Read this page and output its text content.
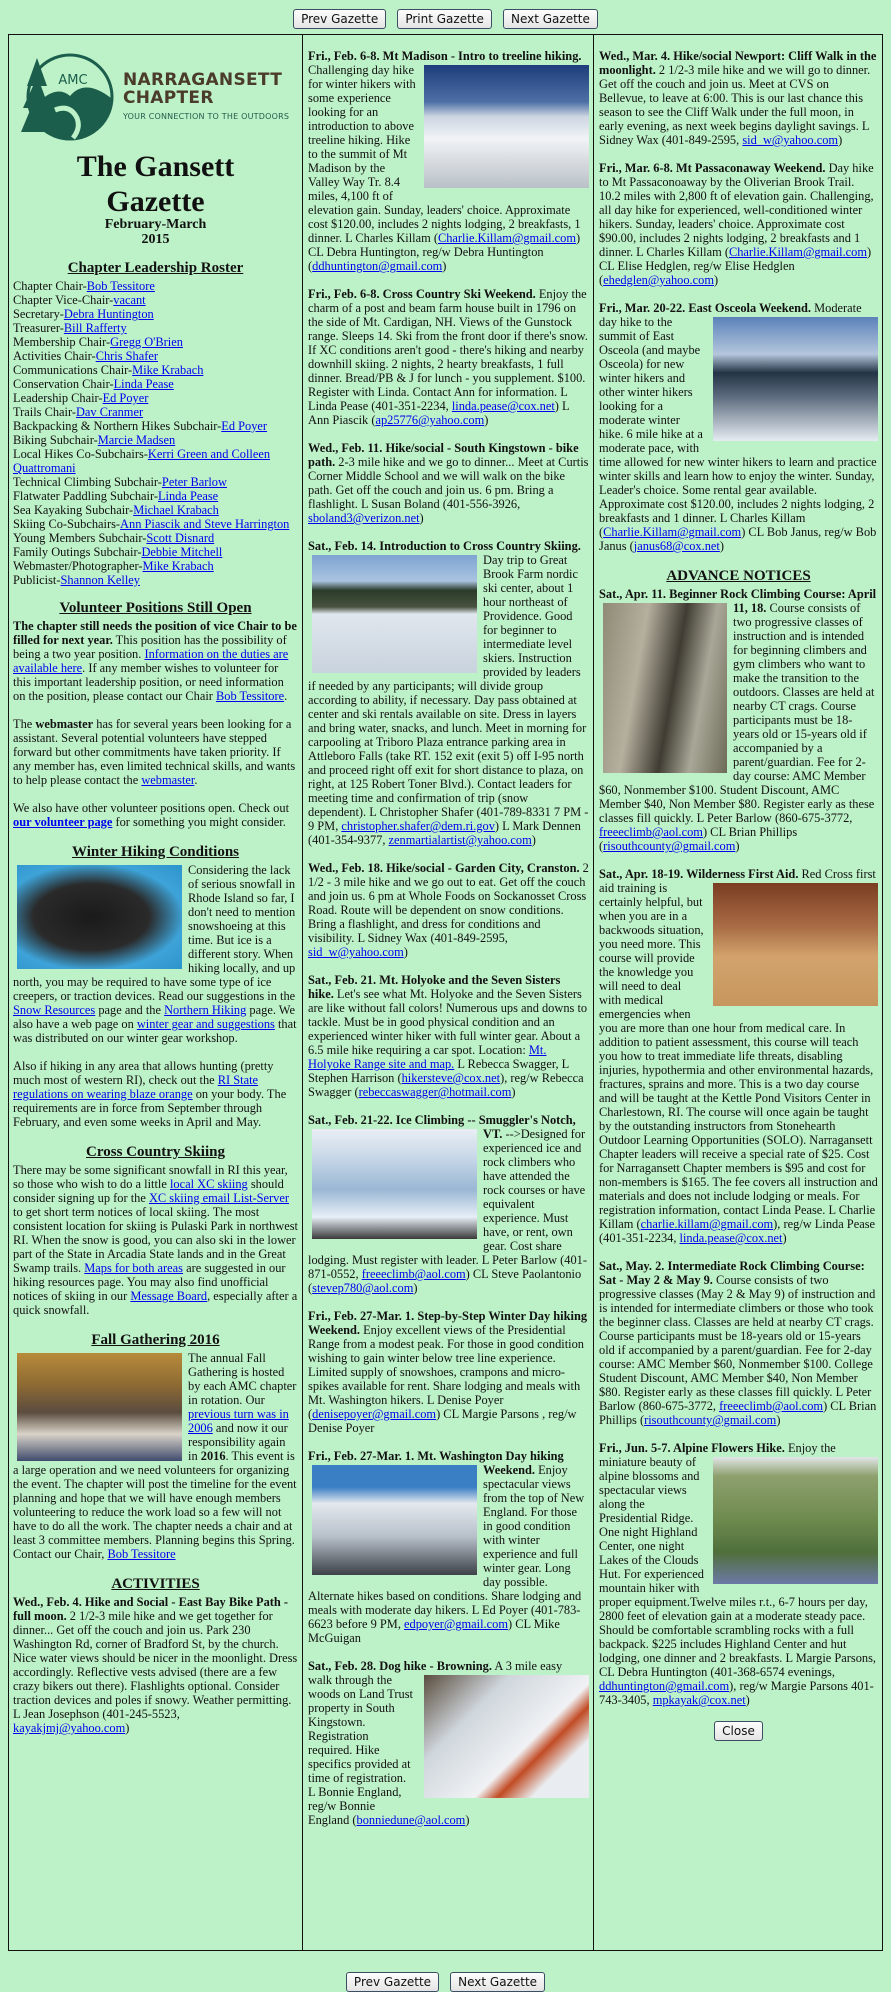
Prev Gazette Print Gazette Next Gazette
AMC NARRAGANSETT
CHAPTER
YOUR CONNECTION TO THE OUTDOORS
The Gansett
Gazette
February-March
2015
Chapter Leadership Roster
Chapter Chair-Bob Tessitore
Chapter Vice-Chair-vacant
Secretary-Debra Huntington
Treasurer-Bill Rafferty
Membership Chair-Gregg O'Brien
Activities Chair-Chris Shafer
Communications Chair-Mike Krabach
Conservation Chair-Linda Pease
Leadership Chair-Ed Poyer
Trails Chair-Dav Cranmer
Backpacking & Northern Hikes Subchair-Ed Poyer
Biking Subchair-Marcie Madsen
Local Hikes Co-Subchairs-Kerri Green and Colleen Quattromani
Technical Climbing Subchair-Peter Barlow
Flatwater Paddling Subchair-Linda Pease
Sea Kayaking Subchair-Michael Krabach
Skiing Co-Subchairs-Ann Piascik and Steve Harrington
Young Members Subchair-Scott Disnard
Family Outings Subchair-Debbie Mitchell
Webmaster/Photographer-Mike Krabach
Publicist-Shannon Kelley
Volunteer Positions Still Open

The chapter still needs the position of vice Chair to be filled for next year. This position has the possibility of being a two year position. Information on the duties are available here. If any member wishes to volunteer for this important leadership position, or need information on the position, please contact our Chair Bob Tessitore.

The webmaster has for several years been looking for a assistant. Several potential volunteers have stepped forward but other commitments have taken priority. If any member has, even limited technical skills, and wants to help please contact the webmaster.

We also have other volunteer positions open. Check out our volunteer page for something you might consider.

Winter Hiking Conditions

Considering the lack of serious snowfall in Rhode Island so far, I don't need to mention snowshoeing at this time. But ice is a different story. When hiking locally, and up north, you may be required to have some type of ice creepers, or traction devices. Read our suggestions in the Snow Resources page and the Northern Hiking page. We also have a web page on winter gear and suggestions that was distributed on our winter gear workshop.

Also if hiking in any area that allows hunting (pretty much most of western RI), check out the RI State regulations on wearing blaze orange on your body. The requirements are in force from September through February, and even some weeks in April and May.

Cross Country Skiing

There may be some significant snowfall in RI this year, so those who wish to do a little local XC skiing should consider signing up for the XC skiing email List-Server to get short term notices of local skiing. The most consistent location for skiing is Pulaski Park in northwest RI. When the snow is good, you can also ski in the lower part of the State in Arcadia State lands and in the Great Swamp trails. Maps for both areas are suggested in our hiking resources page. You may also find unofficial notices of skiing in our Message Board, especially after a quick snowfall.

Fall Gathering 2016

The annual Fall Gathering is hosted by each AMC chapter in rotation. Our previous turn was in 2006 and now it our responsibility again in 2016. This event is a large operation and we need volunteers for organizing the event. The chapter will post the timeline for the event planning and hope that we will have enough members volunteering to reduce the work load so a few will not have to do all the work. The chapter needs a chair and at least 3 committee members. Planning begins this Spring. Contact our Chair, Bob Tessitore

ACTIVITIES

Wed., Feb. 4. Hike and Social - East Bay Bike Path - full moon. 2 1/2-3 mile hike and we get together for dinner... Get off the couch and join us. Park 230 Washington Rd, corner of Bradford St, by the church. Nice water views should be nicer in the moonlight. Dress accordingly. Reflective vests advised (there are a few crazy bikers out there). Flashlights optional. Consider traction devices and poles if snowy. Weather permitting. L Jean Josephson (401-245-5523, kayakjmj@yahoo.com)

Fri., Feb. 6-8. Mt Madison - Intro to treeline hiking.
Challenging day hike for winter hikers with some experience looking for an introduction to above treeline hiking. Hike to the summit of Mt Madison by the Valley Way Tr. 8.4 miles, 4,100 ft of elevation gain. Sunday, leaders' choice. Approximate cost $120.00, includes 2 nights lodging, 2 breakfasts, 1 dinner. L Charles Killam (Charlie.Killam@gmail.com) CL Debra Huntington, reg/w Debra Huntington (ddhuntington@gmail.com)

Fri., Feb. 6-8. Cross Country Ski Weekend. Enjoy the charm of a post and beam farm house built in 1796 on the side of Mt. Cardigan, NH. Views of the Gunstock range. Sleeps 14. Ski from the front door if there's snow. If XC conditions aren't good - there's hiking and nearby downhill skiing. 2 nights, 2 hearty breakfasts, 1 full dinner. Bread/PB & J for lunch - you supplement. $100. Register with Linda. Contact Ann for information. L Linda Pease (401-351-2234, linda.pease@cox.net) L Ann Piascik (ap25776@yahoo.com)

Wed., Feb. 11. Hike/social - South Kingstown - bike path. 2-3 mile hike and we go to dinner... Meet at Curtis Corner Middle School and we will walk on the bike path. Get off the couch and join us. 6 pm. Bring a flashlight. L Susan Boland (401-556-3926, sboland3@verizon.net)

Sat., Feb. 14. Introduction to Cross Country Skiing.
Day trip to Great Brook Farm nordic ski center, about 1 hour northeast of Providence. Good for beginner to intermediate level skiers. Instruction provided by leaders if needed by any participants; will divide group according to ability, if necessary. Day pass obtained at center and ski rentals available on site. Dress in layers and bring water, snacks, and lunch. Meet in morning for carpooling at Triboro Plaza entrance parking area in Attleboro Falls (take RT. 152 exit (exit 5) off I-95 north and proceed right off exit for short distance to plaza, on right, at 125 Robert Toner Blvd.). Contact leaders for meeting time and confirmation of trip (snow dependent). L Christopher Shafer (401-789-8331 7 PM - 9 PM, christopher.shafer@dem.ri.gov) L Mark Dennen (401-354-9377, zenmartialartist@yahoo.com)

Wed., Feb. 18. Hike/social - Garden City, Cranston. 2 1/2 - 3 mile hike and we go out to eat. Get off the couch and join us. 6 pm at Whole Foods on Sockanosset Cross Road. Route will be dependent on snow conditions. Bring a flashlight, and dress for conditions and visibility. L Sidney Wax (401-849-2595, sid_w@yahoo.com)

Sat., Feb. 21. Mt. Holyoke and the Seven Sisters hike. Let's see what Mt. Holyoke and the Seven Sisters are like without fall colors! Numerous ups and downs to tackle. Must be in good physical condition and an experienced winter hiker with full winter gear. About a 6.5 mile hike requiring a car spot. Location: Mt. Holyoke Range site and map. L Rebecca Swagger, L Stephen Harrison (hikersteve@cox.net), reg/w Rebecca Swagger (rebeccaswagger@hotmail.com)

Sat., Feb. 21-22. Ice Climbing -- Smuggler's Notch, VT.
-->Designed for experienced ice and rock climbers who have attended the rock courses or have equivalent experience. Must have, or rent, own gear. Cost share lodging. Must register with leader. L Peter Barlow (401-871-0552, freeeclimb@aol.com) CL Steve Paolantonio (stevep780@aol.com)

Fri., Feb. 27-Mar. 1. Step-by-Step Winter Day hiking Weekend. Enjoy excellent views of the Presidential Range from a modest peak. For those in good condition wishing to gain winter below tree line experience. Limited supply of snowshoes, crampons and micro-spikes available for rent. Share lodging and meals with Mt. Washington hikers. L Denise Poyer (denisepoyer@gmail.com) CL Margie Parsons , reg/w Denise Poyer

Fri., Feb. 27-Mar. 1. Mt. Washington Day hiking Weekend.
Enjoy spectacular views from the top of New England. For those in good condition with winter experience and full winter gear. Long day possible. Alternate hikes based on conditions. Share lodging and meals with moderate day hikers. L Ed Poyer (401-783-6623 before 9 PM, edpoyer@gmail.com) CL Mike McGuigan

Sat., Feb. 28. Dog hike - Browning.
A 3 mile easy walk through the woods on Land Trust property in South Kingstown. Registration required. Hike specifics provided at time of registration. L Bonnie England, reg/w Bonnie England (bonniedune@aol.com)

Wed., Mar. 4. Hike/social Newport: Cliff Walk in the moonlight. 2 1/2-3 mile hike and we will go to dinner. Get off the couch and join us. Meet at CVS on Bellevue, to leave at 6:00. This is our last chance this season to see the Cliff Walk under the full moon, in early evening, as next week begins daylight savings. L Sidney Wax (401-849-2595, sid_w@yahoo.com)

Fri., Mar. 6-8. Mt Passaconaway Weekend. Day hike to Mt Passaconoaway by the Oliverian Brook Trail. 10.2 miles with 2,800 ft of elevation gain. Challenging, all day hike for experienced, well-conditioned winter hikers. Sunday, leaders' choice. Approximate cost $90.00, includes 2 nights lodging, 2 breakfasts and 1 dinner. L Charles Killam (Charlie.Killam@gmail.com) CL Elise Hedglen, reg/w Elise Hedglen (ehedglen@yahoo.com)

Fri., Mar. 20-22. East Osceola Weekend.
Moderate day hike to the summit of East Osceola (and maybe Osceola) for new winter hikers and other winter hikers looking for a moderate winter hike. 6 mile hike at a moderate pace, with time allowed for new winter hikers to learn and practice winter skills and learn how to enjoy the winter. Sunday, Leader's choice. Some rental gear available. Approximate cost $120.00, includes 2 nights lodging, 2 breakfasts and 1 dinner. L Charles Killam (Charlie.Killam@gmail.com) CL Bob Janus, reg/w Bob Janus (janus68@cox.net)

ADVANCE NOTICES

Sat., Apr. 11. Beginner Rock Climbing Course: April 11, 18.
Course consists of two progressive classes of instruction and is intended for beginning climbers and gym climbers who want to make the transition to the outdoors. Classes are held at nearby CT crags. Course participants must be 18-years old or 15-years old if accompanied by a parent/guardian. Fee for 2-day course: AMC Member $60, Nonmember $100. Student Discount, AMC Member $40, Non Member $80. Register early as these classes fill quickly. L Peter Barlow (860-675-3772, freeeclimb@aol.com) CL Brian Phillips (risouthcounty@gmail.com)

Sat., Apr. 18-19. Wilderness First Aid.
Red Cross first aid training is certainly helpful, but when you are in a backwoods situation, you need more. This course will provide the knowledge you will need to deal with medical emergencies when you are more than one hour from medical care. In addition to patient assessment, this course will teach you how to treat immediate life threats, disabling injuries, hypothermia and other environmental hazards, fractures, sprains and more. This is a two day course and will be taught at the Kettle Pond Visitors Center in Charlestown, RI. The course will once again be taught by the outstanding instructors from Stonehearth Outdoor Learning Opportunities (SOLO). Narragansett Chapter leaders will receive a special rate of $25. Cost for Narragansett Chapter members is $95 and cost for non-members is $165. The fee covers all instruction and materials and does not include lodging or meals. For registration information, contact Linda Pease. L Charlie Killam (charlie.killam@gmail.com), reg/w Linda Pease (401-351-2234, linda.pease@cox.net)

Sat., May. 2. Intermediate Rock Climbing Course: Sat - May 2 & May 9. Course consists of two progressive classes (May 2 & May 9) of instruction and is intended for intermediate climbers or those who took the beginner class. Classes are held at nearby CT crags. Course participants must be 18-years old or 15-years old if accompanied by a parent/guardian. Fee for 2-day course: AMC Member $60, Nonmember $100. College Student Discount, AMC Member $40, Non Member $80. Register early as these classes fill quickly. L Peter Barlow (860-675-3772, freeeclimb@aol.com) CL Brian Phillips (risouthcounty@gmail.com)

Fri., Jun. 5-7. Alpine Flowers Hike.
Enjoy the miniature beauty of alpine blossoms and spectacular views along the Presidential Ridge. One night Highland Center, one night Lakes of the Clouds Hut. For experienced mountain hiker with proper equipment.Twelve miles r.t., 6-7 hours per day, 2800 feet of elevation gain at a moderate steady pace. Should be comfortable scrambling rocks with a full backpack. $225 includes Highland Center and hut lodging, one dinner and 2 breakfasts. L Margie Parsons, CL Debra Huntington (401-368-6574 evenings, ddhuntington@gmail.com), reg/w Margie Parsons 401-743-3405, mpkayak@cox.net)

Close
Prev Gazette Next Gazette
